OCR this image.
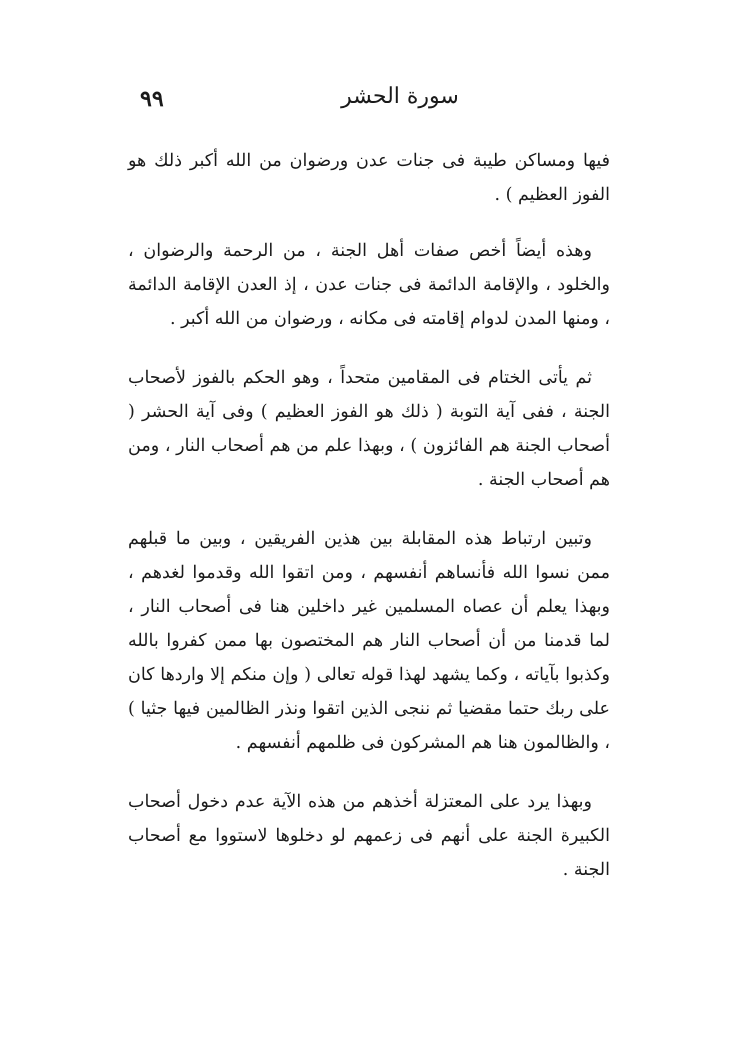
٩٩	سورة الحشر

فيها ومساكن طيبة فى جنات عدن ورضوان من الله أكبر ذلك هو الفوز العظيم ) .

وهذه أيضاً أخص صفات أهل الجنة ، من الرحمة والرضوان ، والخلود ، والإقامة الدائمة فى جنات عدن ، إذ العدن الإقامة الدائمة ، ومنها المدن لدوام إقامته فى مكانه ، ورضوان من الله أكبر .

ثم يأتى الختام فى المقامين متحداً ، وهو الحكم بالفوز لأصحاب الجنة ، ففى آية التوبة ( ذلك هو الفوز العظيم ) وفى آية الحشر ( أصحاب الجنة هم الفائزون ) ، وبهذا علم من هم أصحاب النار ، ومن هم أصحاب الجنة .

وتبين ارتباط هذه المقابلة بين هذين الفريقين ، وبين ما قبلهم ممن نسوا الله فأنساهم أنفسهم ، ومن اتقوا الله وقدموا لغدهم ، وبهذا يعلم أن عصاه المسلمين غير داخلين هنا فى أصحاب النار ، لما قدمنا من أن أصحاب النار هم المختصون بها ممن كفروا بالله وكذبوا بآياته ، وكما يشهد لهذا قوله تعالى ( وإن منكم إلا واردها كان على ربك حتما مقضيا ثم ننجى الذين اتقوا ونذر الظالمين فيها جثيا ) ، والظالمون هنا هم المشركون فى ظلمهم أنفسهم .

وبهذا يرد على المعتزلة أخذهم من هذه الآية عدم دخول أصحاب الكبيرة الجنة على أنهم فى زعمهم لو دخلوها لاستووا مع أصحاب الجنة .
